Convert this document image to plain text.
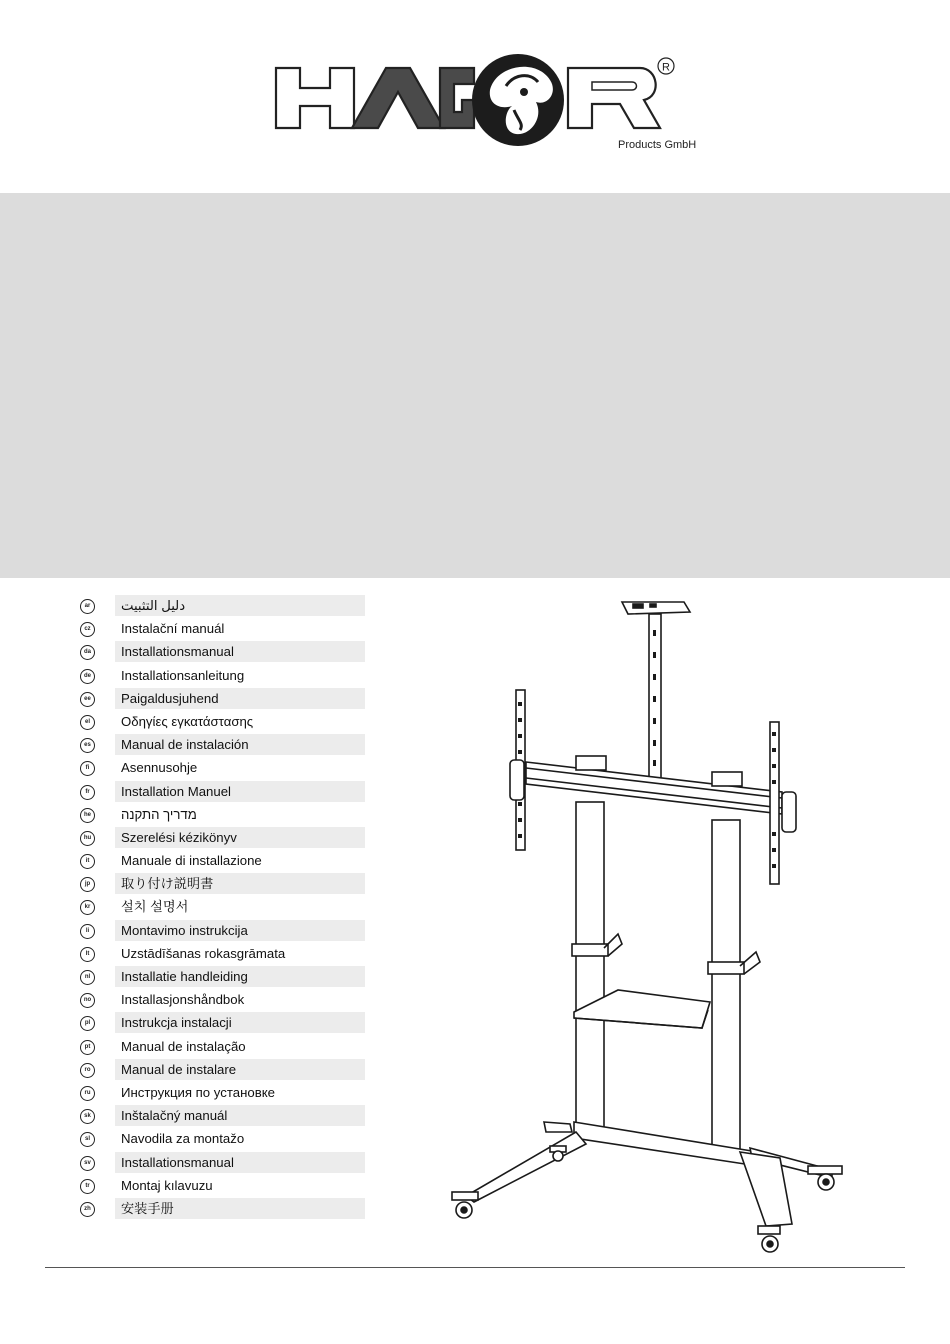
R
Products GmbH
ar	دليل التثبيت
cz	Instalační manuál
da	Installationsmanual
de	Installationsanleitung
ee	Paigaldusjuhend
el	Οδηγίες εγκατάστασης
es	Manual de instalación
fi	Asennusohje
fr	Installation Manuel
he	מדריך התקנה
hu	Szerelési kézikönyv
it	Manuale di installazione
jp	取り付け説明書
kr	설치 설명서
li	Montavimo instrukcija
lt	Uzstādīšanas rokasgrāmata
nl	Installatie handleiding
no	Installasjonshåndbok
pl	Instrukcja instalacji
pt	Manual de instalação
ro	Manual de instalare
ru	Инструкция по установке
sk	Inštalačný manuál
sl	Navodila za montažo
sv	Installationsmanual
tr	Montaj kılavuzu
zh	安装手册
